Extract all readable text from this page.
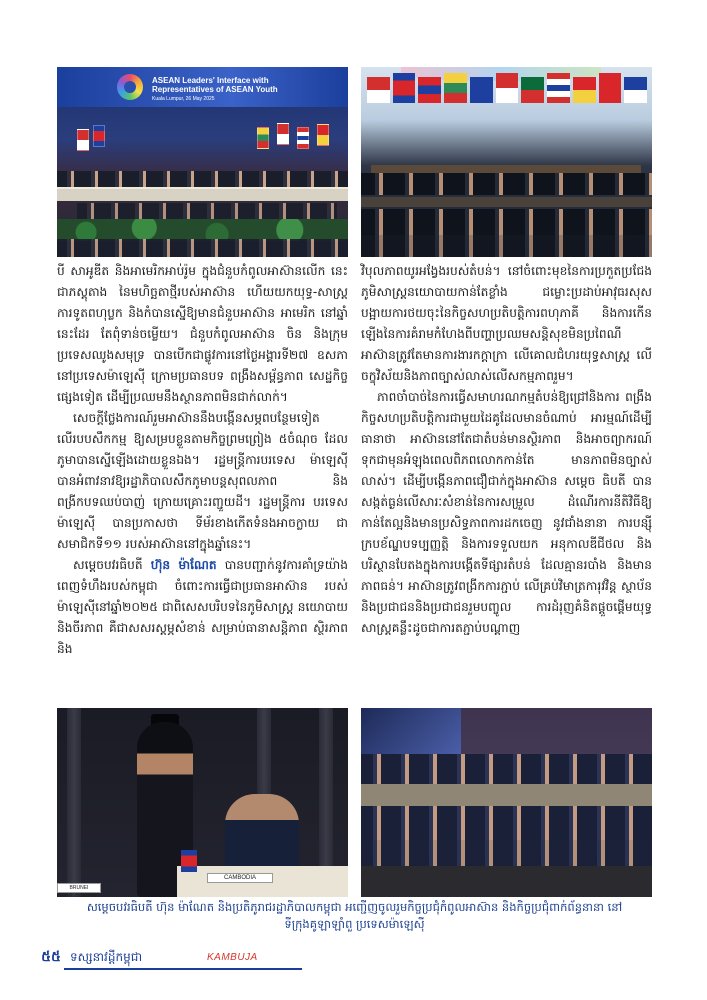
ASEAN Leaders' Interface with
Representatives of ASEAN Youth
Kuala Lumpur, 26 May 2025

បី សាអូឌីត និងអាមេរិកអាប់រ៉ូម ក្នុងជំនួបកំពូលអាស៊ានលើក នេះ ជាភស្តុតាង នៃមហិច្ឆតាថ្មីរបស់អាស៊ាន ហើយយកយុទ្ធ-សាស្ត្រការទូតពហុប្លក និងកំបានស្នើឱ្យមានជំនួបអាស៊ាន អាមេរិក នៅឆ្នាំនេះដែរ តែពុំទាន់ចម្លើយ។ ជំនួបកំពូលអាស៊ាន ចិន និងក្រុមប្រទេសឈូងសមុទ្រ បានបើកជាផ្លូវការនៅថ្ងៃអង្គារទី២៧ ឧសភា នៅប្រទេសម៉ាឡេស៊ី ក្រោមប្រធានបទ ពង្រឹងសម្ព័ន្ធភាព សេដ្ឋកិច្ចផ្សេងទៀត ដើម្បីប្រឈមនឹងស្ថានភាពមិនជាក់លាក់។

សេចក្តីថ្លែងការណ៍រួមអាស៊ាននឹងបង្កើនសម្ភពបន្ថែមទៀត លើរបបសឹកកម្ម ឱ្យសម្របខ្លួនតាមកិច្ចព្រមព្រៀង ៥ចំណុច ដែលភូមាបានស្នើឡើងដោយខ្លួនឯង។ រដ្ឋមន្ត្រីការបរទេស ម៉ាឡេស៊ី បានអំពាវនាវឱ្យរដ្ឋាភិបាលសឹកភូមាបន្តសុពលភាព និងពង្រីកបទឈប់បាញ់ ក្រោយគ្រោះរញ្ជួយដី។ រដ្ឋមន្ត្រីការ បរទេសម៉ាឡេស៊ី បានប្រកាសថា ទីម័រខាងកើតទំនងអាចក្លាយ ជាសមាជិកទី១១ របស់អាស៊ាននៅក្នុងឆ្នាំនេះ។

សម្តេចបវរធិបតី ហ៊ុន ម៉ាណែត បានបញ្ជាក់នូវការគាំទ្រយ៉ាងពេញទំហឹងរបស់កម្ពុជា ចំពោះការធ្វើជាប្រធានអាស៊ាន របស់ម៉ាឡេស៊ីនៅឆ្នាំ២០២៥ ជាពិសេសបរិបទនៃភូមិសាស្ត្រ នយោបាយ និងចីរភាព គឺជាសសរស្តម្ភសំខាន់ សម្រាប់ធានាសន្តិភាព ស្ថិរភាព និង

វិបុលភាពយូរអង្វែងរបស់តំបន់។ នៅចំពោះមុខនៃការប្រកួតប្រជែង ភូមិសាស្ត្រនយោបាយកាន់តែខ្លាំង ជម្លោះប្រដាប់អាវុធរសុស បង្អាយការថយចុះនៃកិច្ចសហប្រតិបត្តិការពហុភាគី និងការកើន ឡើងនៃការគំរាមកំហែងពីបញ្ហាប្រឈមសន្តិសុខមិនប្រពៃណី អាស៊ានត្រូវតែមានការងារកក្ដាក្រា លើគោលជំហរយុទ្ធសាស្ត្រ លើចក្ខុវិស័យនិងភាពច្បាស់លាស់លើសកម្មភាពរួម។

ភាពចាំបាច់នៃការធ្វើសមាហរណកម្មតំបន់ឱ្យជ្រៅនិងការ ពង្រឹងកិច្ចសហប្រតិបត្តិការជាមួយដៃគូដែលមានចំណាប់ អារម្មណ៍ដើម្បីធានាថា អាស៊ាននៅតែជាតំបន់មានស្ថិរភាព និងអាចព្យាករណ៍ទុកជាមុនអំឡុងពេលពិភពលោកកាន់តែ មានភាពមិនច្បាស់លាស់។ ដើម្បីបង្កើនភាពជឿជាក់ក្នុងអាស៊ាន សម្ដេច ធិបតី បានសង្កត់ធ្ងន់លើសារៈសំខាន់នៃការសម្រួល ដំណើរការនីតិវិធីឱ្យកាន់តែល្អនិងមានប្រសិទ្ធភាពការដកចេញ នូវជាំងនានា ការបន្សុីក្របខ័ណ្ឌបទប្បញ្ញត្តិ និងការទទួលយក អនុកាលឌីជីថល និងបរិស្ថានបែតងក្នុងការបង្កើតទីផ្សារតំបន់ ដែលគ្មានរបាំង និងមានភាពធន់។ អាស៊ានត្រូវពង្រីកការភ្ជាប់ លើគ្រប់វិមាត្រការុវវិន្ត ស្ថាប័ន និងប្រជាជននិងប្រជាជនរួមបញ្ចូល ការដំរុញគំនិតផ្តួចផ្តើមយុទ្ធសាស្ត្រគន្លឹះដូចជាការតភ្ជាប់បណ្តាញ

CAMBODIA
BRUNEI DARUSSALAM
សម្ដេចបវរធិបតី ហ៊ុន ម៉ាណែត និងប្រតិភូរាជរដ្ឋាភិបាលកម្ពុជា អញ្ជើញចូលរួមកិច្ចប្រជុំកំពូលអាស៊ាន និងកិច្ចប្រជុំពាក់ព័ន្ធនានា នៅទីក្រុងគូឡាឡាំពួ ប្រទេសម៉ាឡេស៊ី
៥៥ ទស្សនាវដ្តីកម្ពុជា	KAMBUJA
